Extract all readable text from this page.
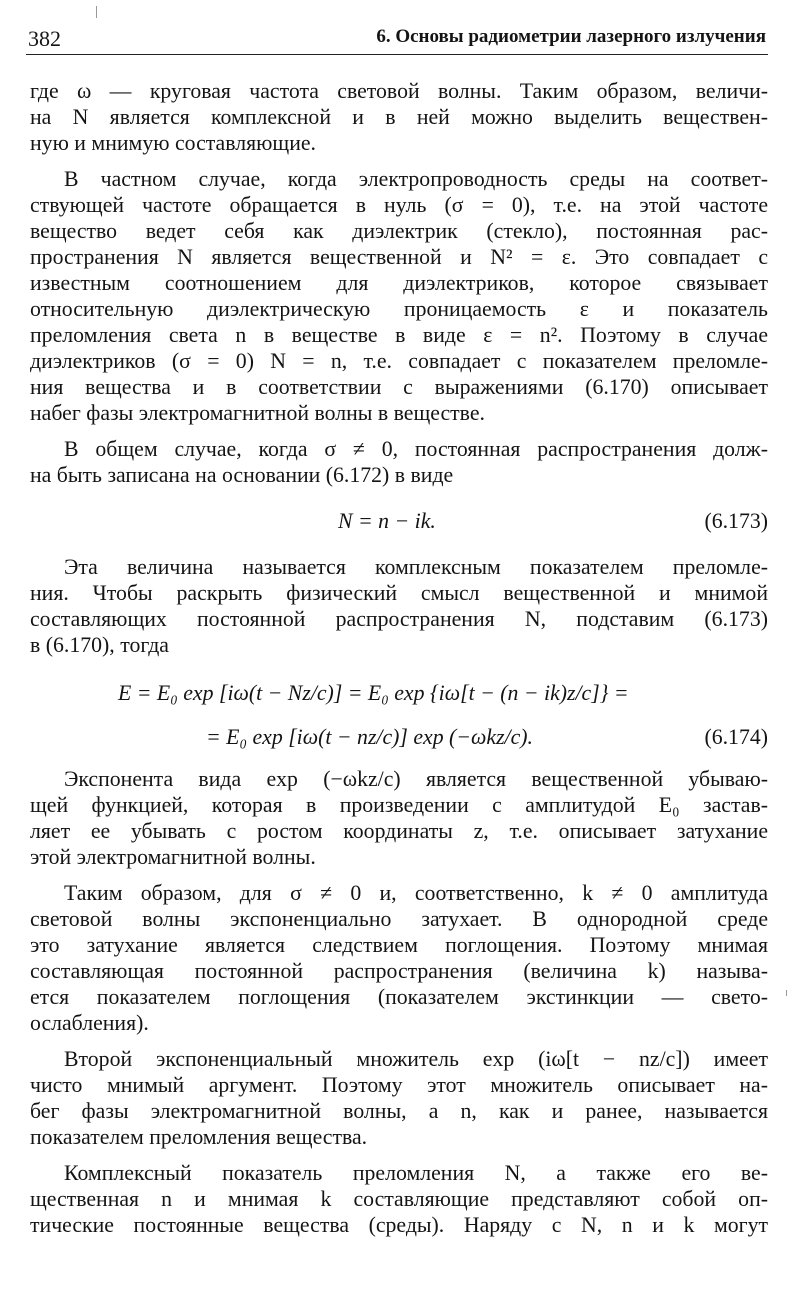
382	6. Основы радиометрии лазерного излучения
где ω — круговая частота световой волны. Таким образом, величи-
на N является комплексной и в ней можно выделить веществен-
ную и мнимую составляющие.
В частном случае, когда электропроводность среды на соответ-
ствующей частоте обращается в нуль (σ = 0), т.е. на этой частоте
вещество ведет себя как диэлектрик (стекло), постоянная рас-
пространения N является вещественной и N² = ε. Это совпадает с
известным соотношением для диэлектриков, которое связывает
относительную диэлектрическую проницаемость ε и показатель
преломления света n в веществе в виде ε = n². Поэтому в случае
диэлектриков (σ = 0) N = n, т.е. совпадает с показателем преломле-
ния вещества и в соответствии с выражениями (6.170) описывает
набег фазы электромагнитной волны в веществе.
В общем случае, когда σ ≠ 0, постоянная распространения долж-
на быть записана на основании (6.172) в виде
N = n − ik.	(6.173)
Эта величина называется комплексным показателем преломле-
ния. Чтобы раскрыть физический смысл вещественной и мнимой
составляющих постоянной распространения N, подставим (6.173)
в (6.170), тогда
E = E₀ exp [iω(t − Nz/c)] = E₀ exp {iω[t − (n − ik)z/c]} =
= E₀ exp [iω(t − nz/c)] exp (−ωkz/c).	(6.174)
Экспонента вида exp (−ωkz/c) является вещественной убываю-
щей функцией, которая в произведении с амплитудой E₀ застав-
ляет ее убывать с ростом координаты z, т.е. описывает затухание
этой электромагнитной волны.
Таким образом, для σ ≠ 0 и, соответственно, k ≠ 0 амплитуда
световой волны экспоненциально затухает. В однородной среде
это затухание является следствием поглощения. Поэтому мнимая
составляющая постоянной распространения (величина k) называ-
ется показателем поглощения (показателем экстинкции — свето-
ослабления).
Второй экспоненциальный множитель exp (iω[t − nz/c]) имеет
чисто мнимый аргумент. Поэтому этот множитель описывает на-
бег фазы электромагнитной волны, а n, как и ранее, называется
показателем преломления вещества.
Комплексный показатель преломления N, а также его ве-
щественная n и мнимая k составляющие представляют собой оп-
тические постоянные вещества (среды). Наряду с N, n и k могут
